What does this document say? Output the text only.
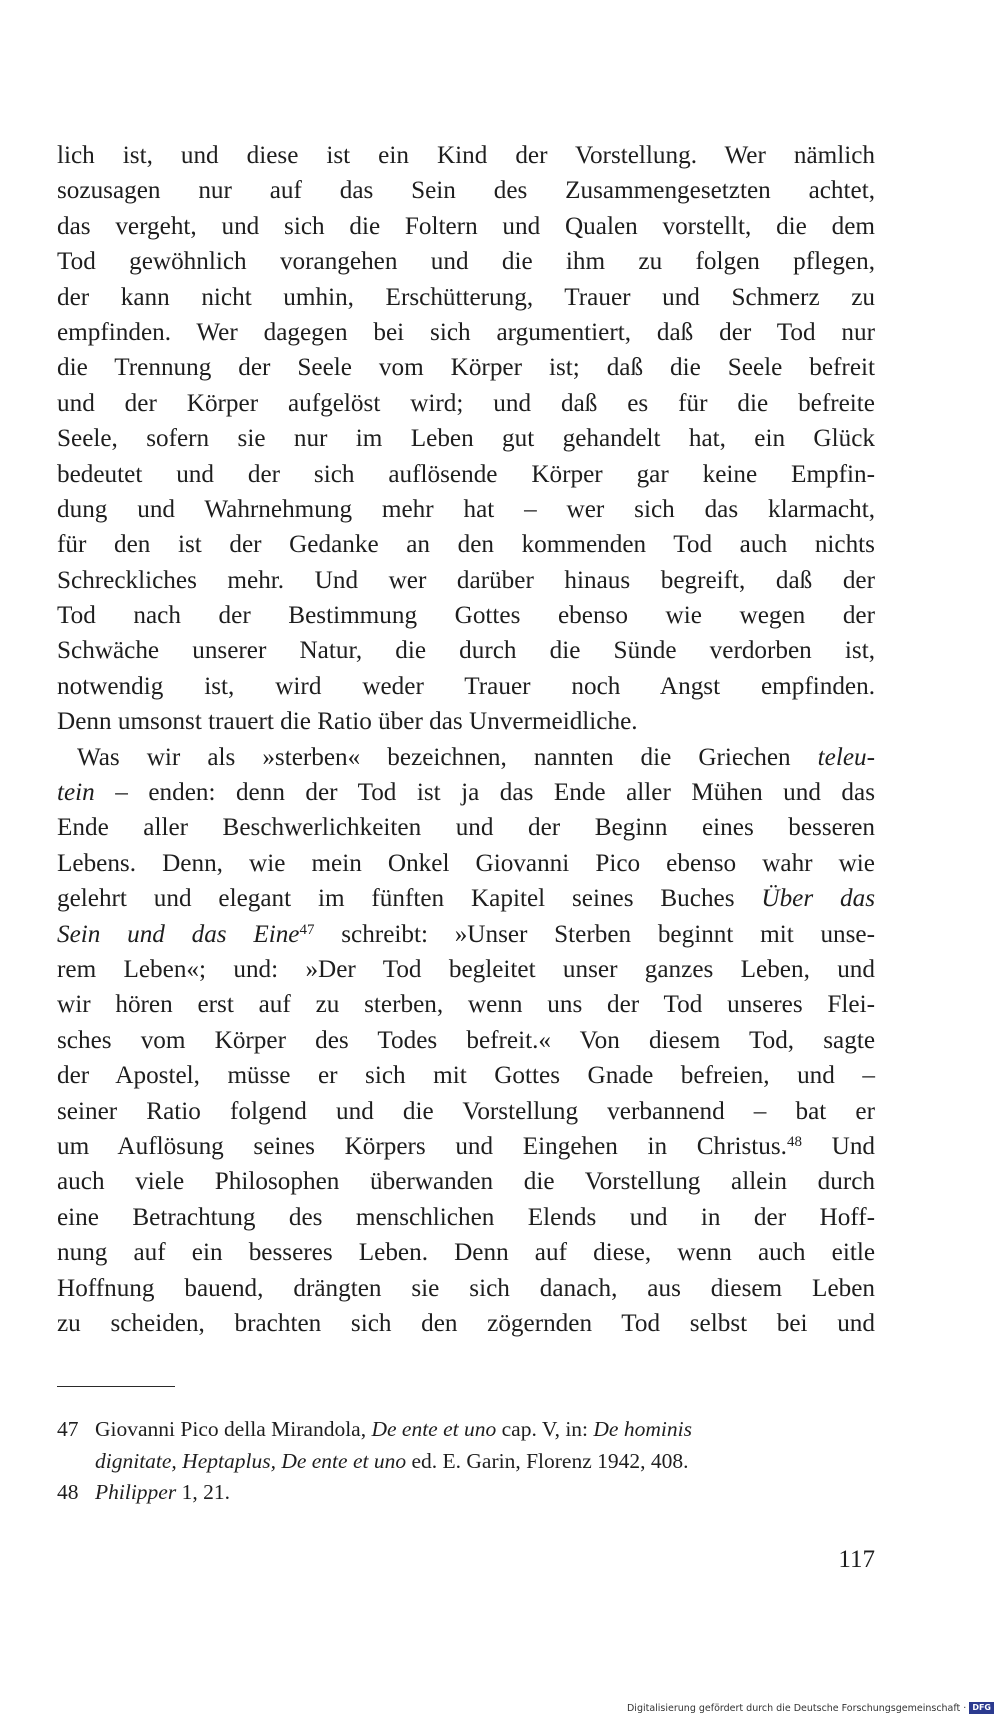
lich ist, und diese ist ein Kind der Vorstellung. Wer nämlich
sozusagen nur auf das Sein des Zusammengesetzten achtet,
das vergeht, und sich die Foltern und Qualen vorstellt, die dem
Tod gewöhnlich vorangehen und die ihm zu folgen pflegen,
der kann nicht umhin, Erschütterung, Trauer und Schmerz zu
empfinden. Wer dagegen bei sich argumentiert, daß der Tod nur
die Trennung der Seele vom Körper ist; daß die Seele befreit
und der Körper aufgelöst wird; und daß es für die befreite
Seele, sofern sie nur im Leben gut gehandelt hat, ein Glück
bedeutet und der sich auflösende Körper gar keine Empfin-
dung und Wahrnehmung mehr hat – wer sich das klarmacht,
für den ist der Gedanke an den kommenden Tod auch nichts
Schreckliches mehr. Und wer darüber hinaus begreift, daß der
Tod nach der Bestimmung Gottes ebenso wie wegen der
Schwäche unserer Natur, die durch die Sünde verdorben ist,
notwendig ist, wird weder Trauer noch Angst empfinden.
Denn umsonst trauert die Ratio über das Unvermeidliche.
Was wir als »sterben« bezeichnen, nannten die Griechen teleu-
tein – enden: denn der Tod ist ja das Ende aller Mühen und das
Ende aller Beschwerlichkeiten und der Beginn eines besseren
Lebens. Denn, wie mein Onkel Giovanni Pico ebenso wahr wie
gelehrt und elegant im fünften Kapitel seines Buches Über das
Sein und das Eine$^{47}$ schreibt: »Unser Sterben beginnt mit unse-
rem Leben«; und: »Der Tod begleitet unser ganzes Leben, und
wir hören erst auf zu sterben, wenn uns der Tod unseres Flei-
sches vom Körper des Todes befreit.« Von diesem Tod, sagte
der Apostel, müsse er sich mit Gottes Gnade befreien, und –
seiner Ratio folgend und die Vorstellung verbannend – bat er
um Auflösung seines Körpers und Eingehen in Christus.$^{48}$ Und
auch viele Philosophen überwanden die Vorstellung allein durch
eine Betrachtung des menschlichen Elends und in der Hoff-
nung auf ein besseres Leben. Denn auf diese, wenn auch eitle
Hoffnung bauend, drängten sie sich danach, aus diesem Leben
zu scheiden, brachten sich den zögernden Tod selbst bei und
47 Giovanni Pico della Mirandola, De ente et uno cap. V, in: De hominis
dignitate, Heptaplus, De ente et uno ed. E. Garin, Florenz 1942, 408.
48 Philipper 1, 21.
117
Digitalisierung gefördert durch die Deutsche Forschungsgemeinschaft · DFG
